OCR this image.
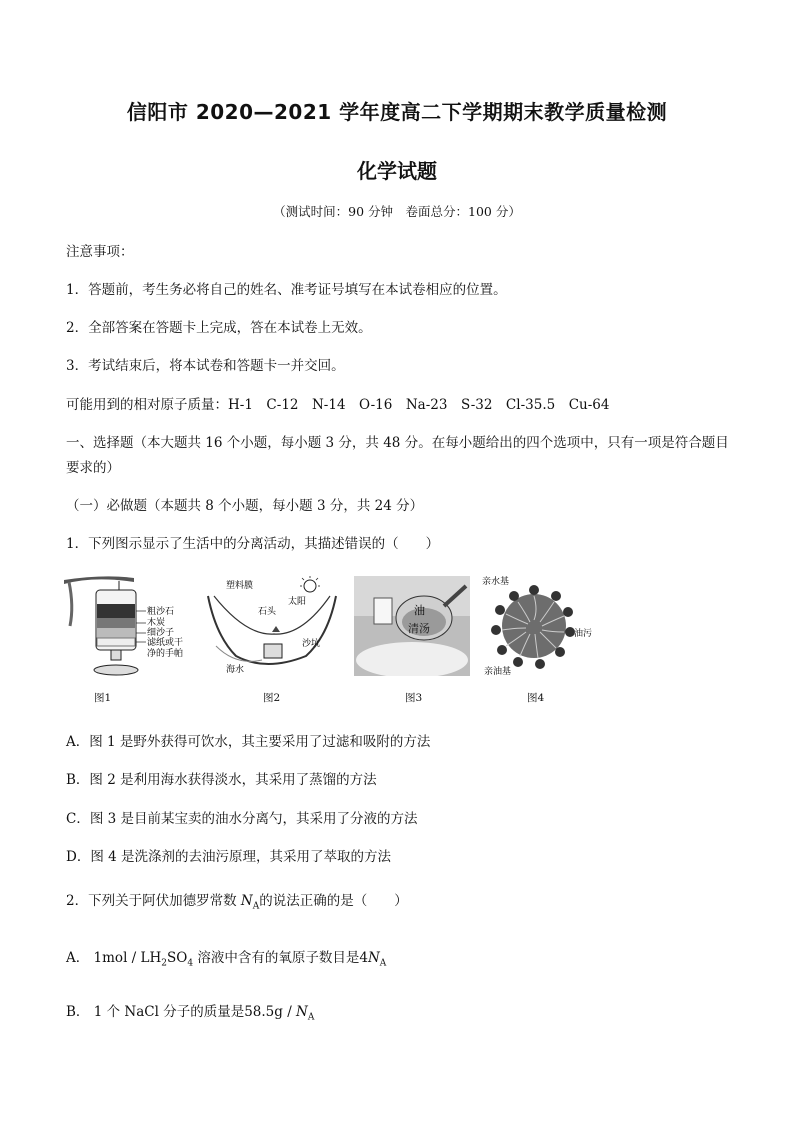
信阳市 2020—2021 学年度高二下学期期末教学质量检测
化学试题
（测试时间：90 分钟　卷面总分：100 分）
注意事项：
1．答题前，考生务必将自己的姓名、准考证号填写在本试卷相应的位置。
2．全部答案在答题卡上完成，答在本试卷上无效。
3．考试结束后，将本试卷和答题卡一并交回。
可能用到的相对原子质量：H-1　C-12　N-14　O-16　Na-23　S-32　Cl-35.5　Cu-64
一、选择题（本大题共 16 个小题，每小题 3 分，共 48 分。在每小题给出的四个选项中，只有一项是符合题目
要求的）
（一）必做题（本题共 8 个小题，每小题 3 分，共 24 分）
1．下列图示显示了生活中的分离活动，其描述错误的（　　）
粗沙石
木炭
细沙子
滤纸或干
净的手帕
图1
塑料膜
太阳
石头
沙坑
海水
图2
油
清汤
图3
亲水基
油污
亲油基
图4
A．图 1 是野外获得可饮水，其主要采用了过滤和吸附的方法
B．图 2 是利用海水获得淡水，其采用了蒸馏的方法
C．图 3 是目前某宝卖的油水分离勺，其采用了分液的方法
D．图 4 是洗涤剂的去油污原理，其采用了萃取的方法
2．下列关于阿伏加德罗常数 $N_A$的说法正确的是（　　）
A． $1mol / LH_2SO_4$ 溶液中含有的氧原子数目是$4N_A$
B． 1 个 NaCl 分子的质量是$58.5g / N_A$
